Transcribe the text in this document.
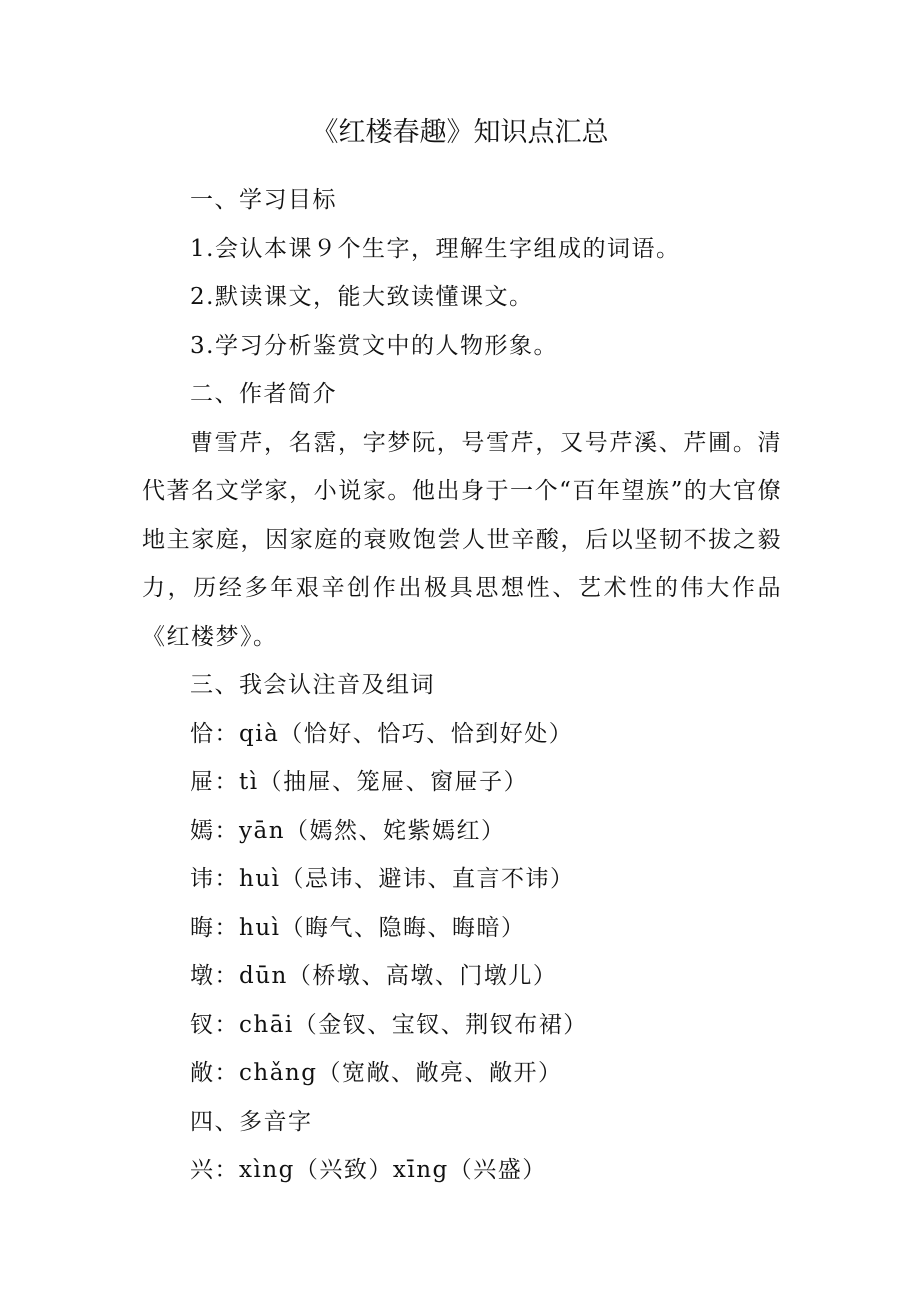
《红楼春趣》知识点汇总
一、学习目标
1.会认本课９个生字，理解生字组成的词语。
2.默读课文，能大致读懂课文。
3.学习分析鉴赏文中的人物形象。
二、作者简介
曹雪芹，名霑，字梦阮，号雪芹，又号芹溪、芹圃。清代著名文学家，小说家。他出身于一个“百年望族”的大官僚地主家庭，因家庭的衰败饱尝人世辛酸，后以坚韧不拔之毅力，历经多年艰辛创作出极具思想性、艺术性的伟大作品《红楼梦》。
三、我会认注音及组词
恰：qià（恰好、恰巧、恰到好处）
屉：tì（抽屉、笼屉、窗屉子）
嫣：yān（嫣然、姹紫嫣红）
讳：huì（忌讳、避讳、直言不讳）
晦：huì（晦气、隐晦、晦暗）
墩：dūn（桥墩、高墩、门墩儿）
钗：chāi（金钗、宝钗、荆钗布裙）
敞：chǎng（宽敞、敞亮、敞开）
四、多音字
兴：xìng（兴致）xīng（兴盛）
